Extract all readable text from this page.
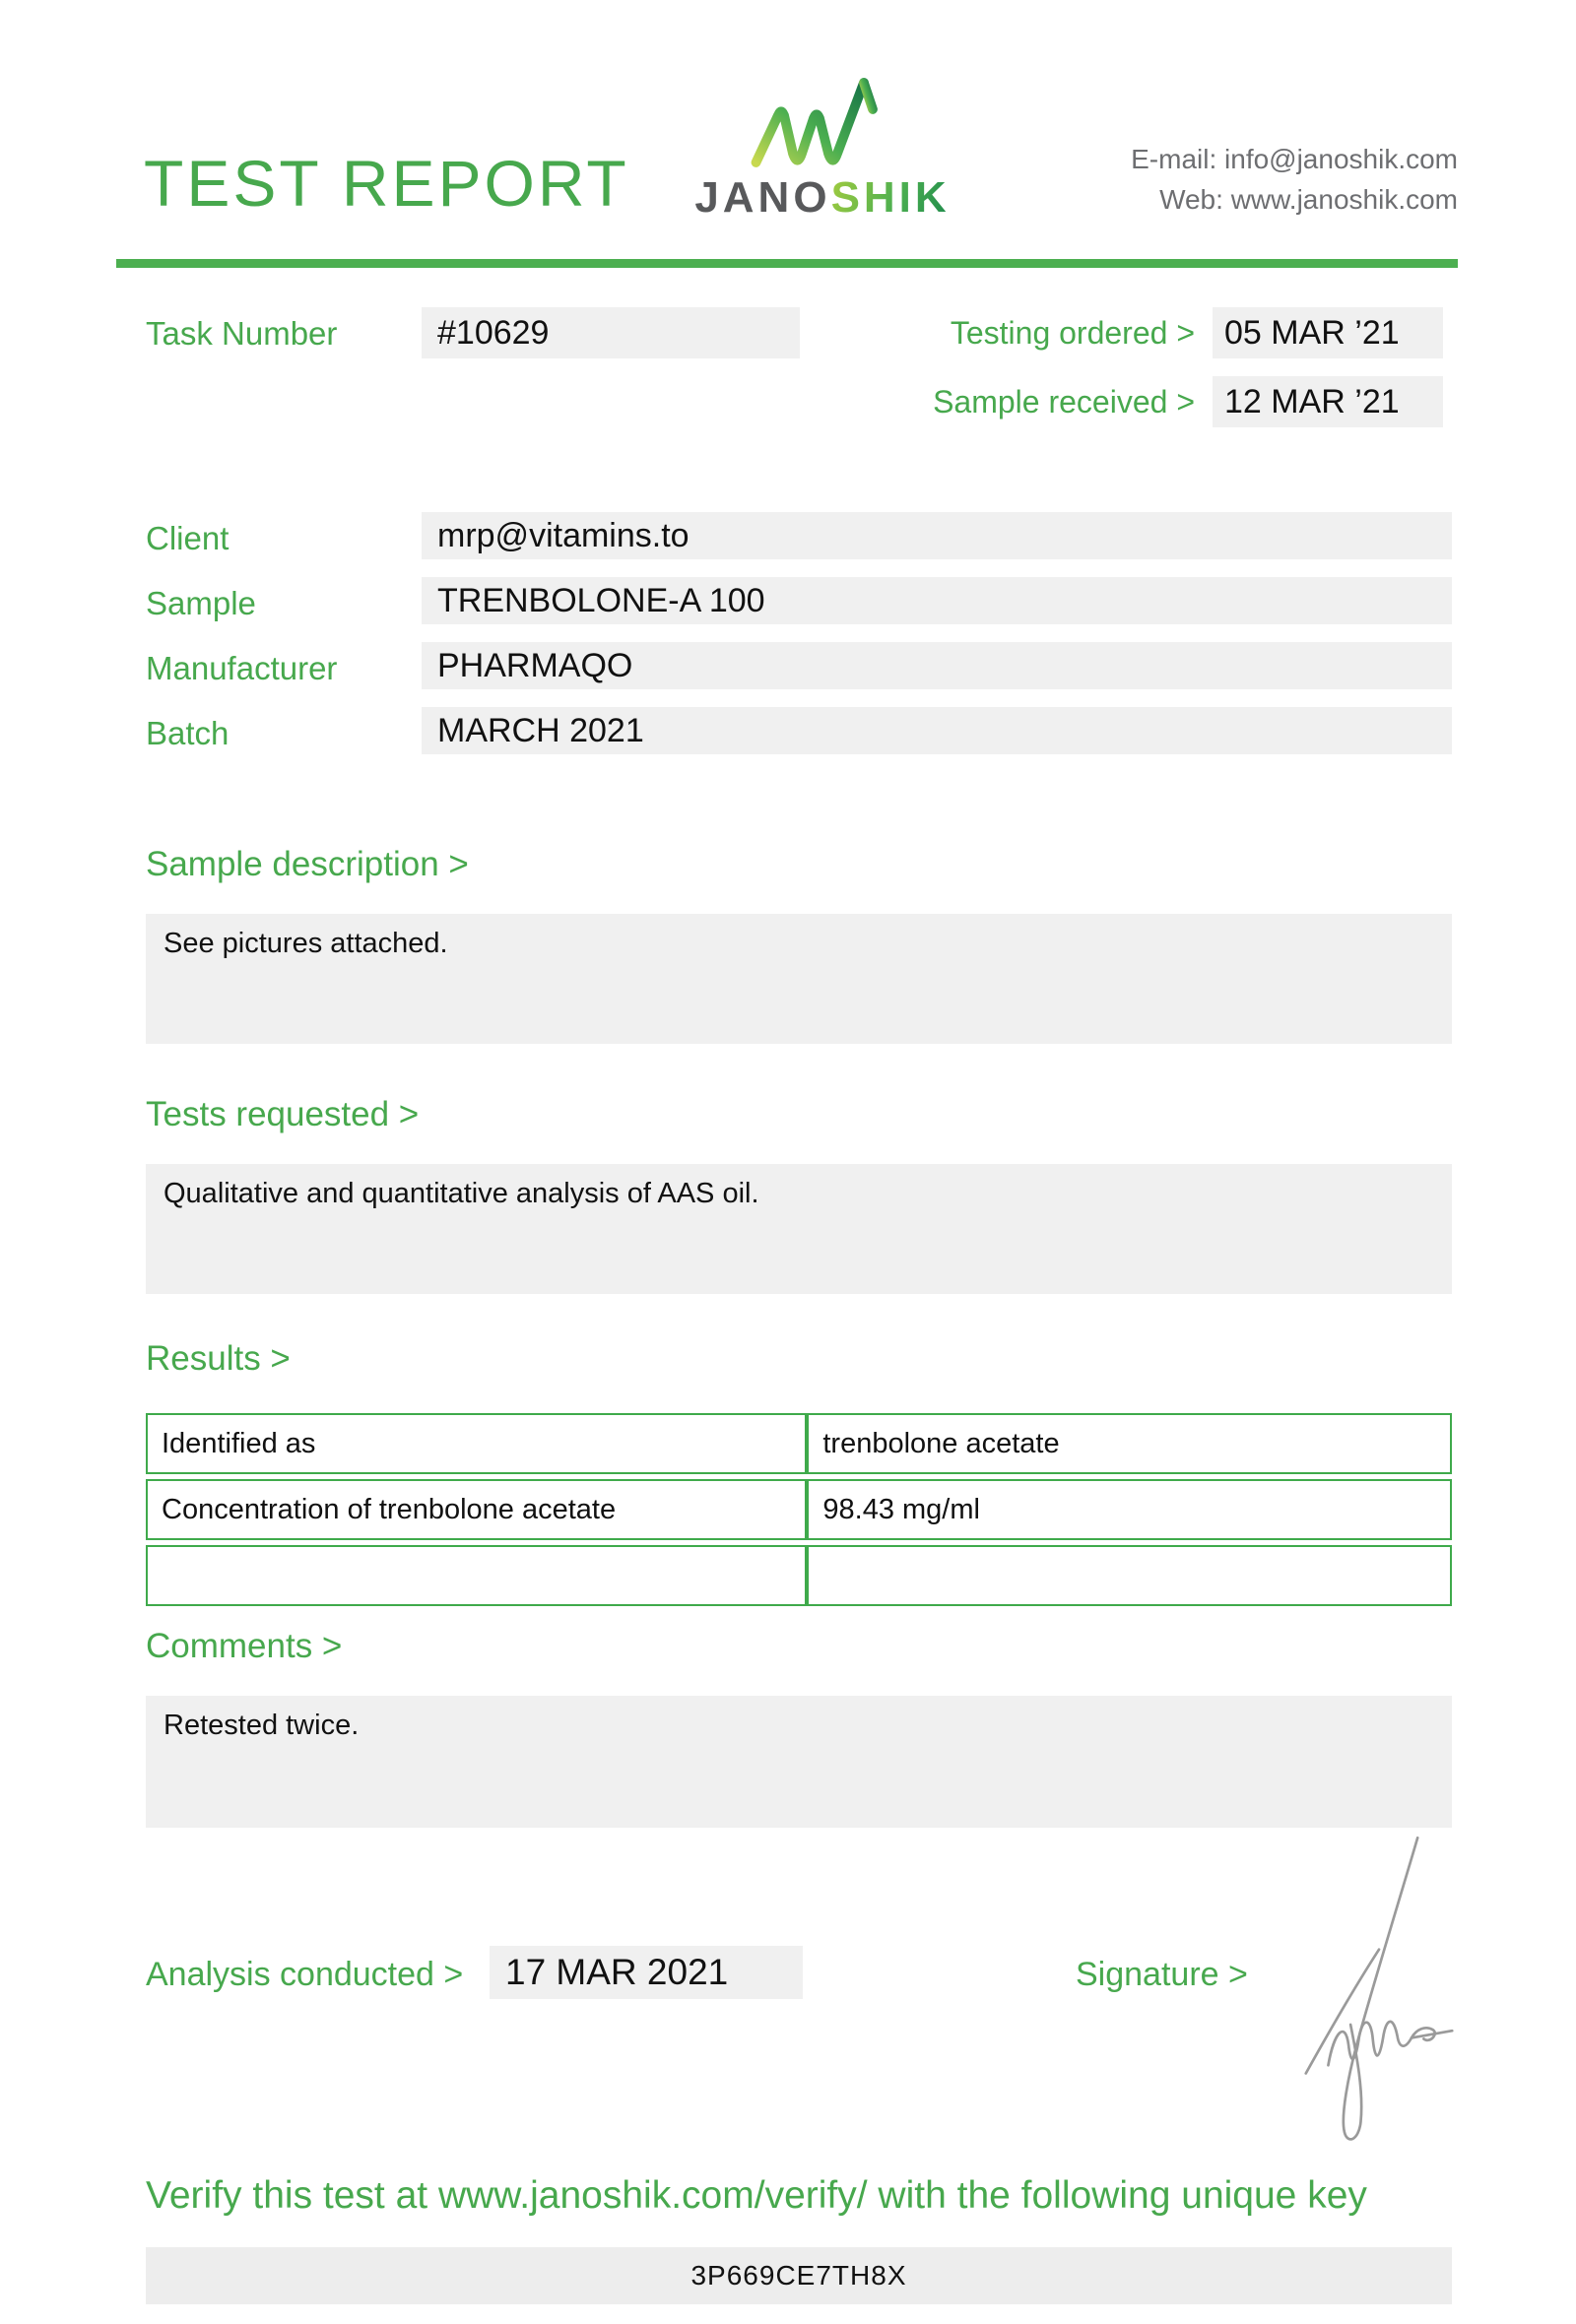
TEST REPORT	JANOSHIK
E-mail: info@janoshik.com
Web: www.janoshik.com
Task Number	#10629	Testing ordered > 05 MAR ’21
Sample received > 12 MAR ’21
Client	mrp@vitamins.to
Sample	TRENBOLONE-A 100
Manufacturer	PHARMAQO
Batch	MARCH 2021
Sample description >
See pictures attached.
Tests requested >
Qualitative and quantitative analysis of AAS oil.
Results >
Identified as	trenbolone acetate
Concentration of trenbolone acetate	98.43 mg/ml

Comments >
Retested twice.
Analysis conducted >	17 MAR 2021	Signature >
Verify this test at www.janoshik.com/verify/ with the following unique key
3P669CE7TH8X
